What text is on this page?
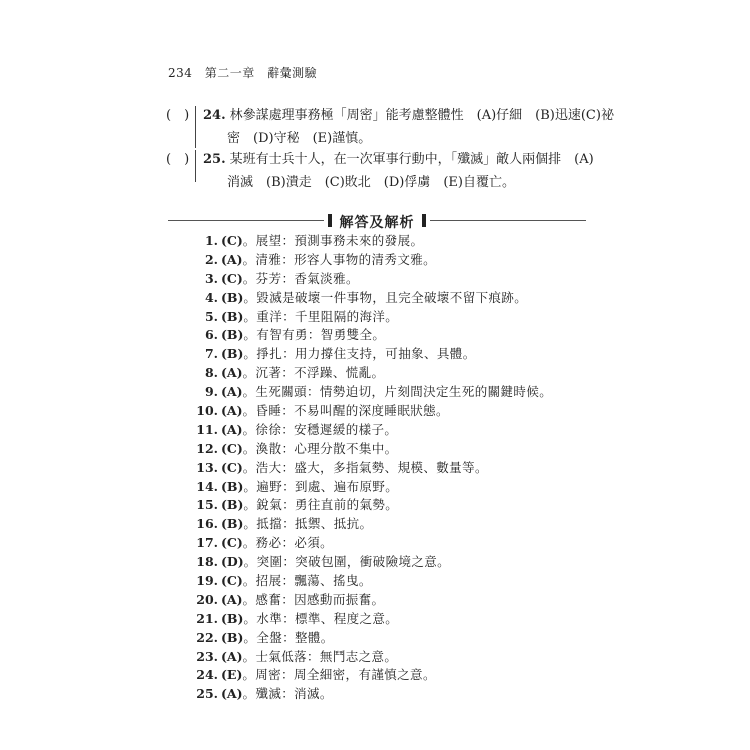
234 第二一章 辭彙測驗
(　) 24. 林參謀處理事務極「周密」能考慮整體性　(A)仔細　(B)迅速(C)祕
密　(D)守秘　(E)謹慎。
(　) 25. 某班有士兵十人，在一次軍事行動中，「殲滅」敵人兩個排　(A)
消滅　(B)潰走　(C)敗北　(D)俘虜　(E)自覆亡。
解答及解析
1. (C)。展望：預測事務未來的發展。
2. (A)。清雅：形容人事物的清秀文雅。
3. (C)。芬芳：香氣淡雅。
4. (B)。毀滅是破壞一件事物，且完全破壞不留下痕跡。
5. (B)。重洋：千里阻隔的海洋。
6. (B)。有智有勇：智勇雙全。
7. (B)。掙扎：用力撐住支持，可抽象、具體。
8. (A)。沉著：不浮躁、慌亂。
9. (A)。生死關頭：情勢迫切，片刻間決定生死的關鍵時候。
10. (A)。昏睡：不易叫醒的深度睡眠狀態。
11. (A)。徐徐：安穩遲緩的樣子。
12. (C)。渙散：心理分散不集中。
13. (C)。浩大：盛大，多指氣勢、規模、數量等。
14. (B)。遍野：到處、遍布原野。
15. (B)。銳氣：勇往直前的氣勢。
16. (B)。抵擋：抵禦、抵抗。
17. (C)。務必：必須。
18. (D)。突圍：突破包圍，衝破險境之意。
19. (C)。招展：飄蕩、搖曳。
20. (A)。感奮：因感動而振奮。
21. (B)。水準：標準、程度之意。
22. (B)。全盤：整體。
23. (A)。士氣低落：無鬥志之意。
24. (E)。周密：周全細密，有謹慎之意。
25. (A)。殲滅：消滅。
